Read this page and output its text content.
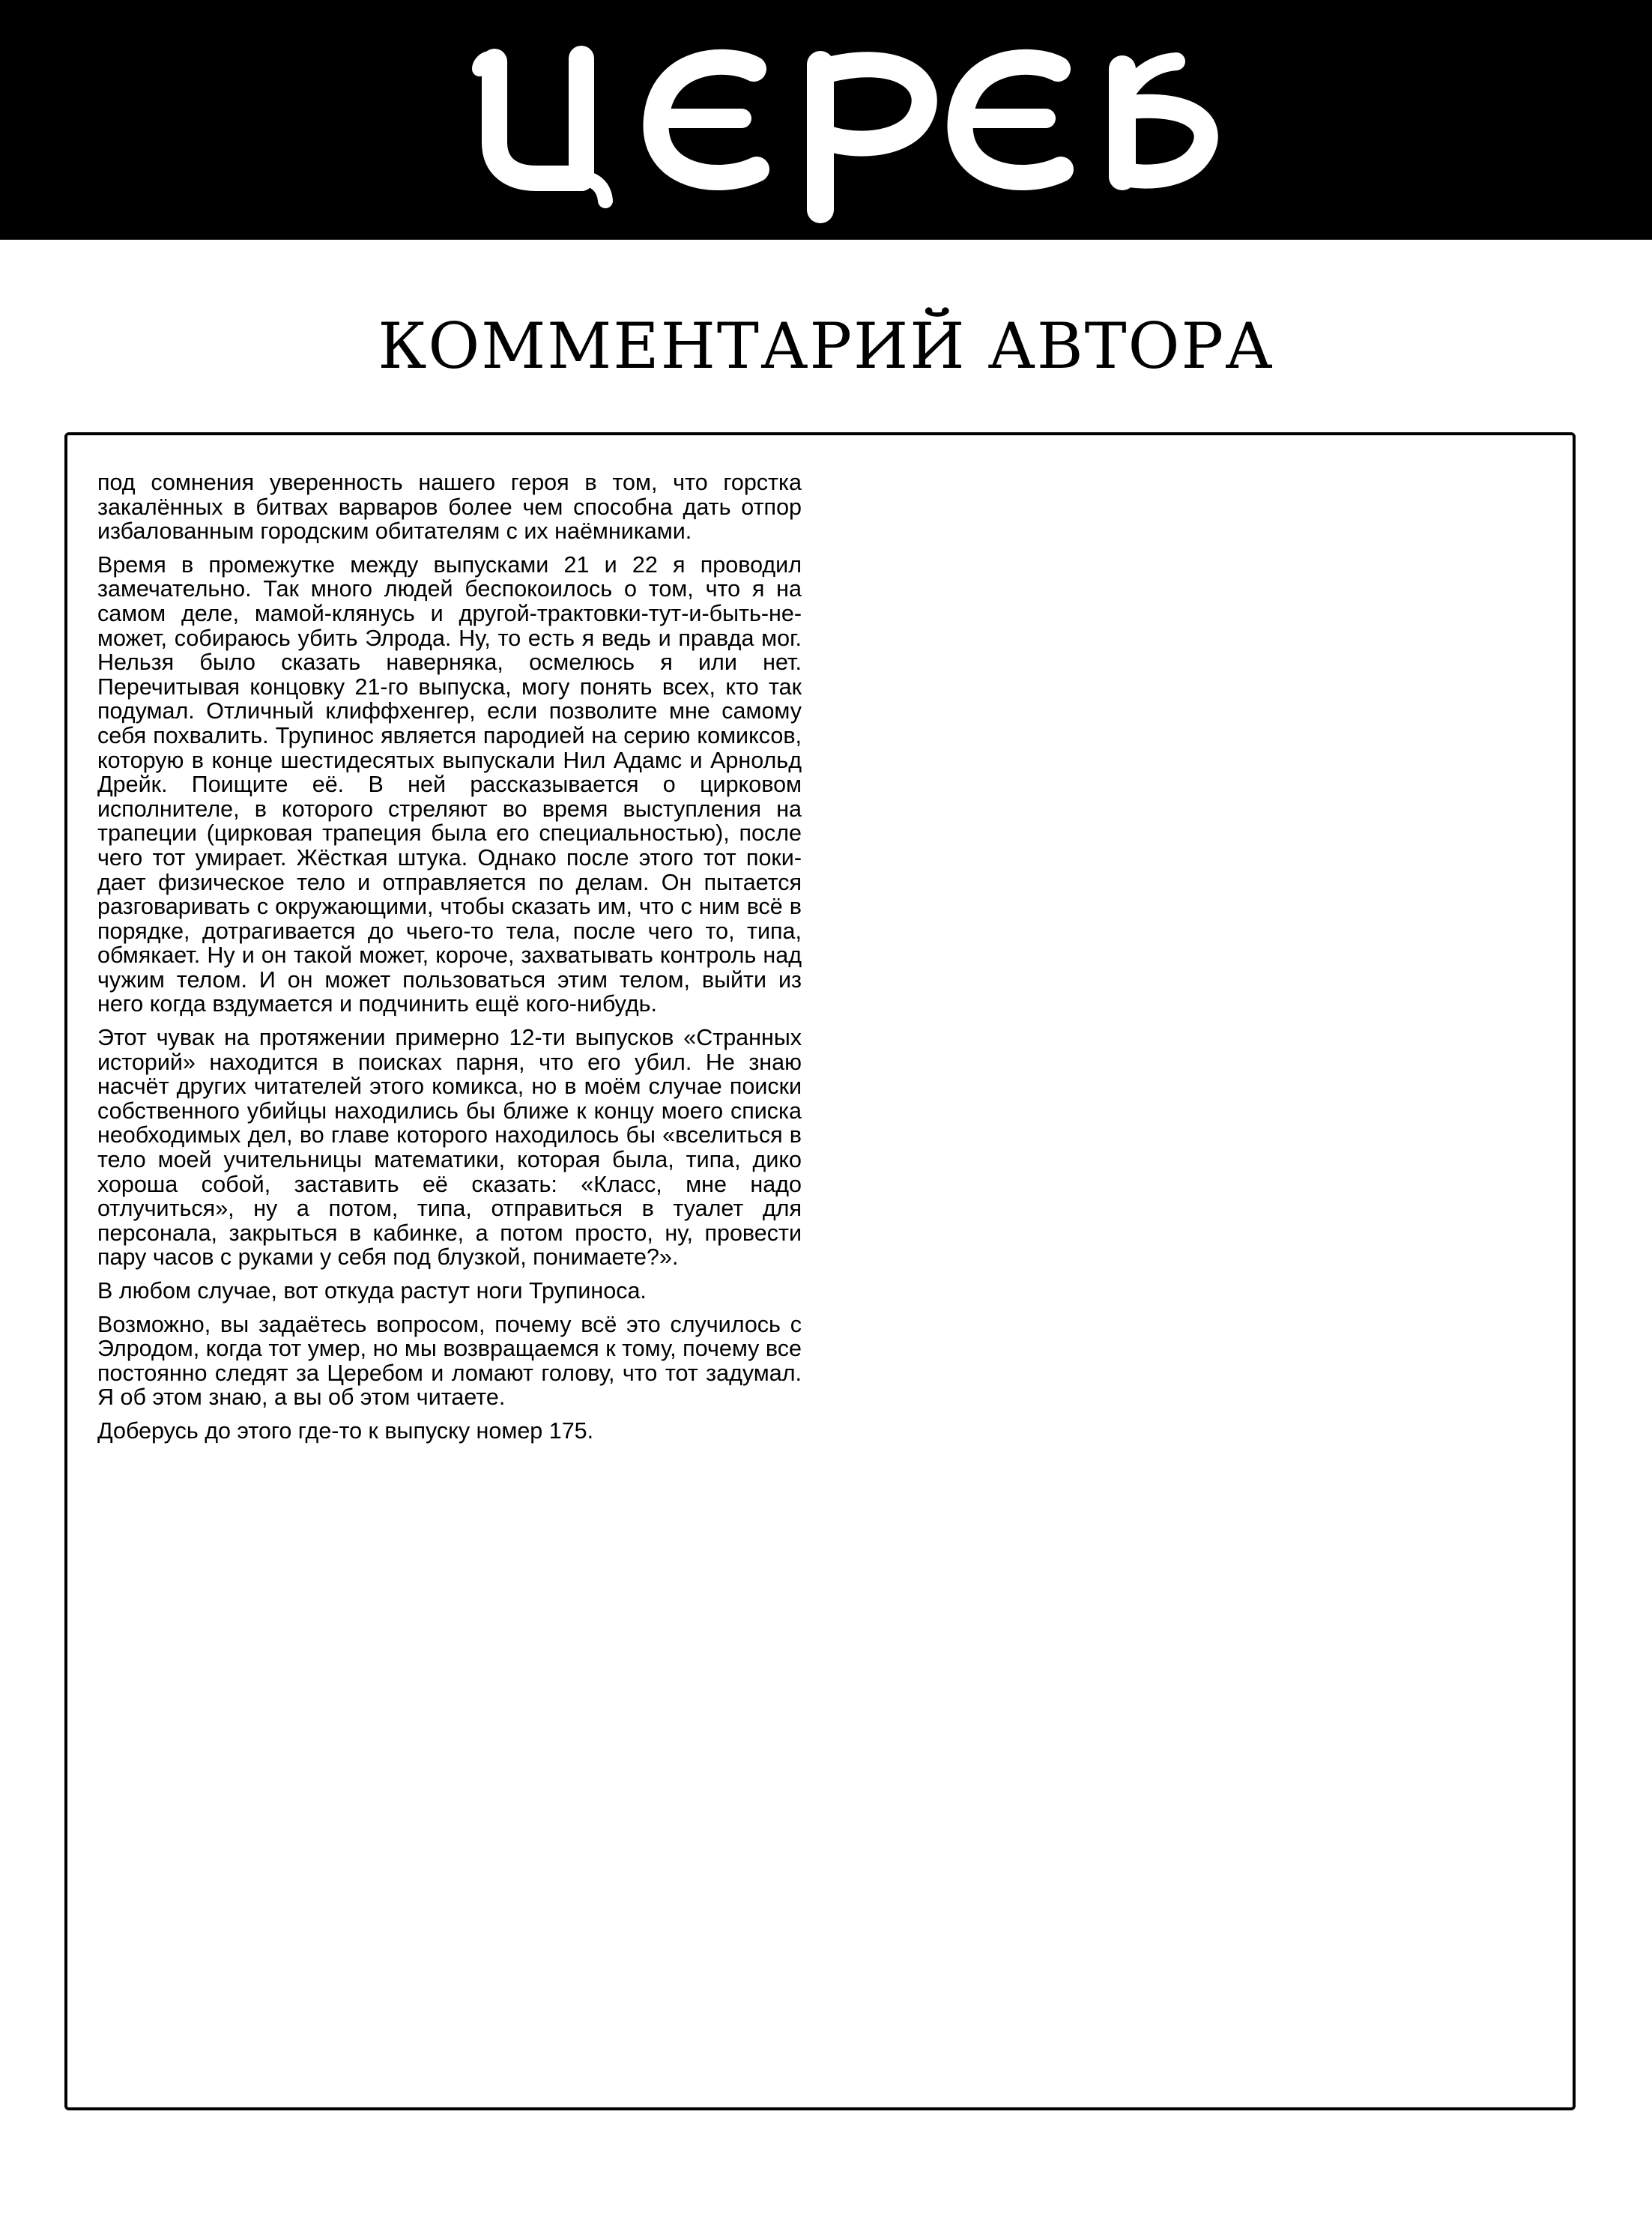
ЦЕРЕБ
КОММЕНТАРИЙ АВТОРА

под сомнения уверенность нашего героя в том, что горстка закалённых в битвах варваров более чем способна дать отпор избалованным городским обитателям с их наёмниками.

Время в промежутке между выпусками 21 и 22 я проводил замечательно. Так много людей беспокоилось о том, что я на самом деле, мамой-клянусь и другой-трактовки-тут-и-быть-не-может, собираюсь убить Элрода. Ну, то есть я ведь и правда мог. Нельзя было сказать наверняка, осмелюсь я или нет. Перечитывая концовку 21-го выпуска, могу понять всех, кто так подумал. Отличный клиффхенгер, если позволите мне самому себя похвалить. Трупинос является пародией на серию комиксов, которую в конце шестидесятых выпускали Нил Адамс и Арнольд Дрейк. Поищите её. В ней рассказывается о цирковом исполнителе, в которого стреляют во время выступления на трапеции (цирковая трапеция была его специальностью), после чего тот умирает. Жёсткая штука. Однако после этого тот покидает физическое тело и отправляется по делам. Он пытается разговаривать с окружающими, чтобы сказать им, что с ним всё в порядке, дотрагивается до чьего-то тела, после чего то, типа, обмякает. Ну и он такой может, короче, захватывать контроль над чужим телом. И он может пользоваться этим телом, выйти из него когда вздумается и подчинить ещё кого-нибудь.

Этот чувак на протяжении примерно 12-ти выпусков «Странных историй» находится в поисках парня, что его убил. Не знаю насчёт других читателей этого комикса, но в моём случае поиски собственного убийцы находились бы ближе к концу моего списка необходимых дел, во главе которого находилось бы «вселиться в тело моей учительницы математики, которая была, типа, дико хороша собой, заставить её сказать: «Класс, мне надо отлучиться», ну а потом, типа, отправиться в туалет для персонала, закрыться в кабинке, а потом просто, ну, провести пару часов с руками у себя под блузкой, понимаете?».

В любом случае, вот откуда растут ноги Трупиноса.

Возможно, вы задаётесь вопросом, почему всё это случилось с Элродом, когда тот умер, но мы возвращаемся к тому, почему все постоянно следят за Церебом и ломают голову, что тот задумал. Я об этом знаю, а вы об этом читаете.

Доберусь до этого где-то к выпуску номер 175.
